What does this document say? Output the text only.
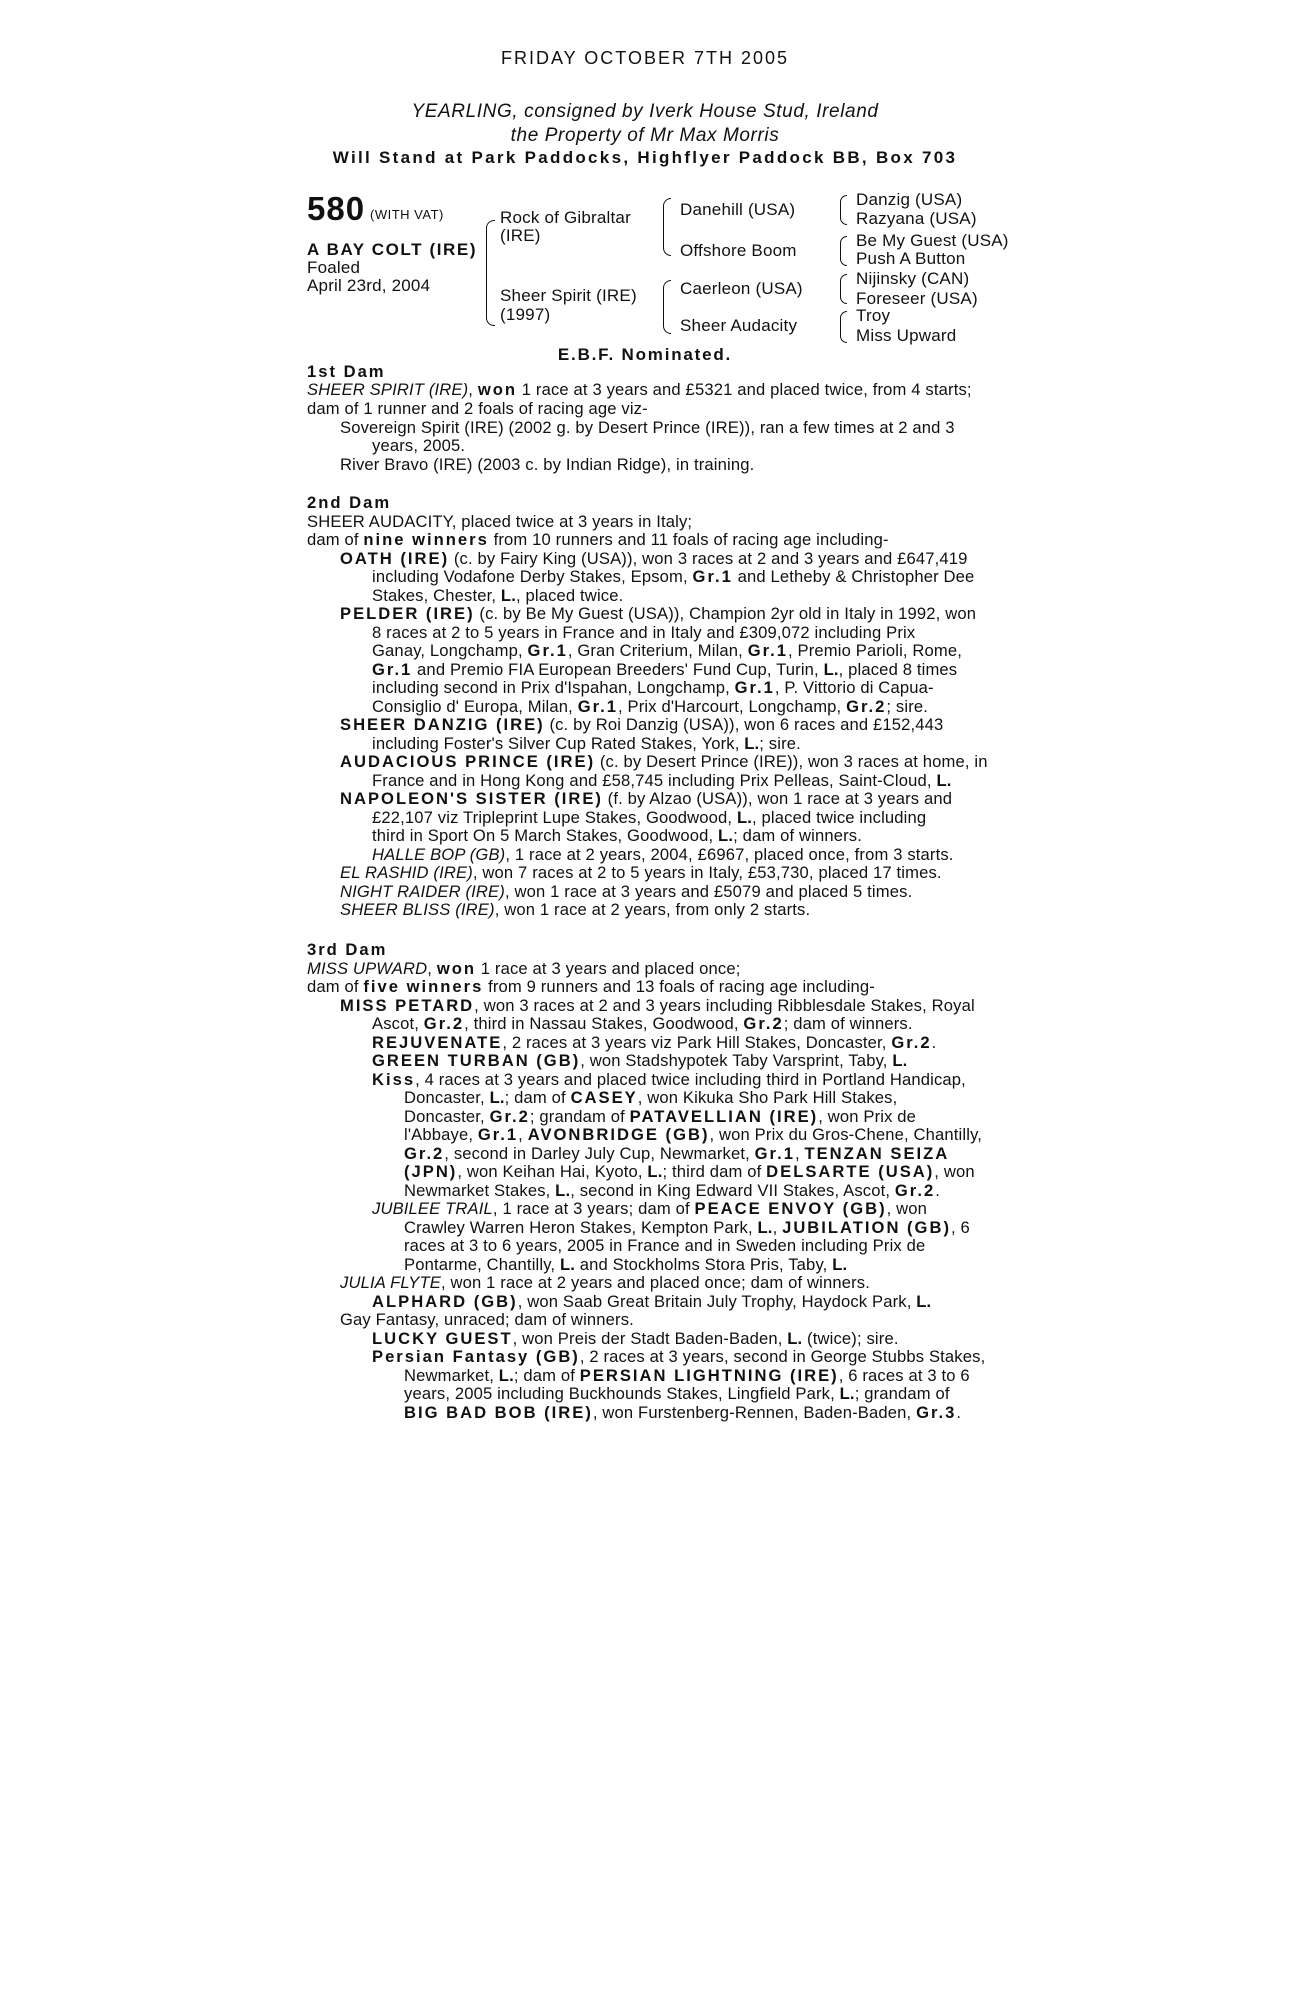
FRIDAY OCTOBER 7TH 2005
YEARLING, consigned by Iverk House Stud, Ireland
the Property of Mr Max Morris
Will Stand at Park Paddocks, Highflyer Paddock BB, Box 703
580 (WITH VAT)
A BAY COLT (IRE)
Foaled
April 23rd, 2004
Rock of Gibraltar
(IRE)
Sheer Spirit (IRE)
(1997)
Danehill (USA)
Offshore Boom
Caerleon (USA)
Sheer Audacity
Danzig (USA)
Razyana (USA)
Be My Guest (USA)
Push A Button
Nijinsky (CAN)
Foreseer (USA)
Troy
Miss Upward
E.B.F. Nominated.
1st Dam
SHEER SPIRIT (IRE), won 1 race at 3 years and £5321 and placed twice, from 4 starts;
dam of 1 runner and 2 foals of racing age viz-
Sovereign Spirit (IRE) (2002 g. by Desert Prince (IRE)), ran a few times at 2 and 3
years, 2005.
River Bravo (IRE) (2003 c. by Indian Ridge), in training.
2nd Dam
SHEER AUDACITY, placed twice at 3 years in Italy;
dam of nine winners from 10 runners and 11 foals of racing age including-
OATH (IRE) (c. by Fairy King (USA)), won 3 races at 2 and 3 years and £647,419
including Vodafone Derby Stakes, Epsom, Gr.1 and Letheby & Christopher Dee
Stakes, Chester, L., placed twice.
PELDER (IRE) (c. by Be My Guest (USA)), Champion 2yr old in Italy in 1992, won
8 races at 2 to 5 years in France and in Italy and £309,072 including Prix
Ganay, Longchamp, Gr.1, Gran Criterium, Milan, Gr.1, Premio Parioli, Rome,
Gr.1 and Premio FIA European Breeders' Fund Cup, Turin, L., placed 8 times
including second in Prix d'Ispahan, Longchamp, Gr.1, P. Vittorio di Capua-
Consiglio d' Europa, Milan, Gr.1, Prix d'Harcourt, Longchamp, Gr.2; sire.
SHEER DANZIG (IRE) (c. by Roi Danzig (USA)), won 6 races and £152,443
including Foster's Silver Cup Rated Stakes, York, L.; sire.
AUDACIOUS PRINCE (IRE) (c. by Desert Prince (IRE)), won 3 races at home, in
France and in Hong Kong and £58,745 including Prix Pelleas, Saint-Cloud, L.
NAPOLEON'S SISTER (IRE) (f. by Alzao (USA)), won 1 race at 3 years and
£22,107 viz Tripleprint Lupe Stakes, Goodwood, L., placed twice including
third in Sport On 5 March Stakes, Goodwood, L.; dam of winners.
HALLE BOP (GB), 1 race at 2 years, 2004, £6967, placed once, from 3 starts.
EL RASHID (IRE), won 7 races at 2 to 5 years in Italy, £53,730, placed 17 times.
NIGHT RAIDER (IRE), won 1 race at 3 years and £5079 and placed 5 times.
SHEER BLISS (IRE), won 1 race at 2 years, from only 2 starts.
3rd Dam
MISS UPWARD, won 1 race at 3 years and placed once;
dam of five winners from 9 runners and 13 foals of racing age including-
MISS PETARD, won 3 races at 2 and 3 years including Ribblesdale Stakes, Royal
Ascot, Gr.2, third in Nassau Stakes, Goodwood, Gr.2; dam of winners.
REJUVENATE, 2 races at 3 years viz Park Hill Stakes, Doncaster, Gr.2.
GREEN TURBAN (GB), won Stadshypotek Taby Varsprint, Taby, L.
Kiss, 4 races at 3 years and placed twice including third in Portland Handicap,
Doncaster, L.; dam of CASEY, won Kikuka Sho Park Hill Stakes,
Doncaster, Gr.2; grandam of PATAVELLIAN (IRE), won Prix de
l'Abbaye, Gr.1, AVONBRIDGE (GB), won Prix du Gros-Chene, Chantilly,
Gr.2, second in Darley July Cup, Newmarket, Gr.1, TENZAN SEIZA
(JPN), won Keihan Hai, Kyoto, L.; third dam of DELSARTE (USA), won
Newmarket Stakes, L., second in King Edward VII Stakes, Ascot, Gr.2.
JUBILEE TRAIL, 1 race at 3 years; dam of PEACE ENVOY (GB), won
Crawley Warren Heron Stakes, Kempton Park, L., JUBILATION (GB), 6
races at 3 to 6 years, 2005 in France and in Sweden including Prix de
Pontarme, Chantilly, L. and Stockholms Stora Pris, Taby, L.
JULIA FLYTE, won 1 race at 2 years and placed once; dam of winners.
ALPHARD (GB), won Saab Great Britain July Trophy, Haydock Park, L.
Gay Fantasy, unraced; dam of winners.
LUCKY GUEST, won Preis der Stadt Baden-Baden, L. (twice); sire.
Persian Fantasy (GB), 2 races at 3 years, second in George Stubbs Stakes,
Newmarket, L.; dam of PERSIAN LIGHTNING (IRE), 6 races at 3 to 6
years, 2005 including Buckhounds Stakes, Lingfield Park, L.; grandam of
BIG BAD BOB (IRE), won Furstenberg-Rennen, Baden-Baden, Gr.3.
